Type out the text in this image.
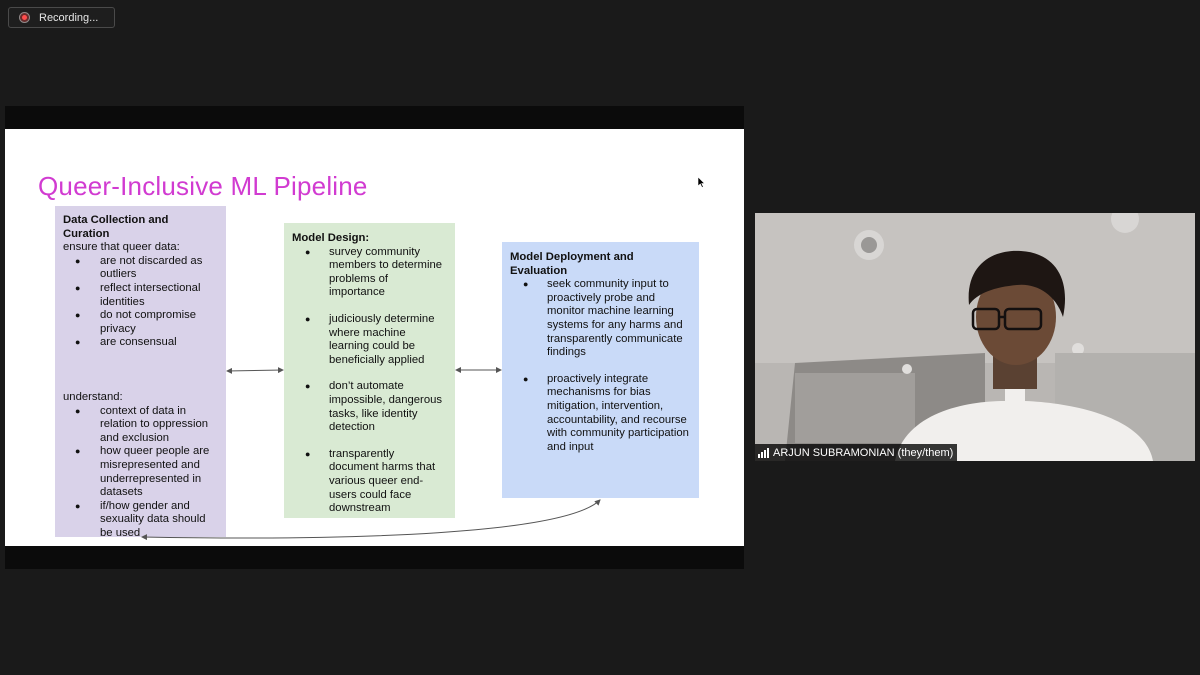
Recording...
Queer-Inclusive ML Pipeline
Data Collection and Curation
ensure that queer data:
● are not discarded as outliers
● reflect intersectional identities
● do not compromise privacy
● are consensual
understand:
● context of data in relation to oppression and exclusion
● how queer people are misrepresented and underrepresented in datasets
● if/how gender and sexuality data should be used
Model Design:
● survey community members to determine problems of importance
● judiciously determine where machine learning could be beneficially applied
● don’t automate impossible, dangerous tasks, like identity detection
● transparently document harms that various queer end-users could face downstream
Model Deployment and Evaluation
● seek community input to proactively probe and monitor machine learning systems for any harms and transparently communicate findings
● proactively integrate mechanisms for bias mitigation, intervention, accountability, and recourse with community participation and input	ARJUN SUBRAMONIAN (they/them)
